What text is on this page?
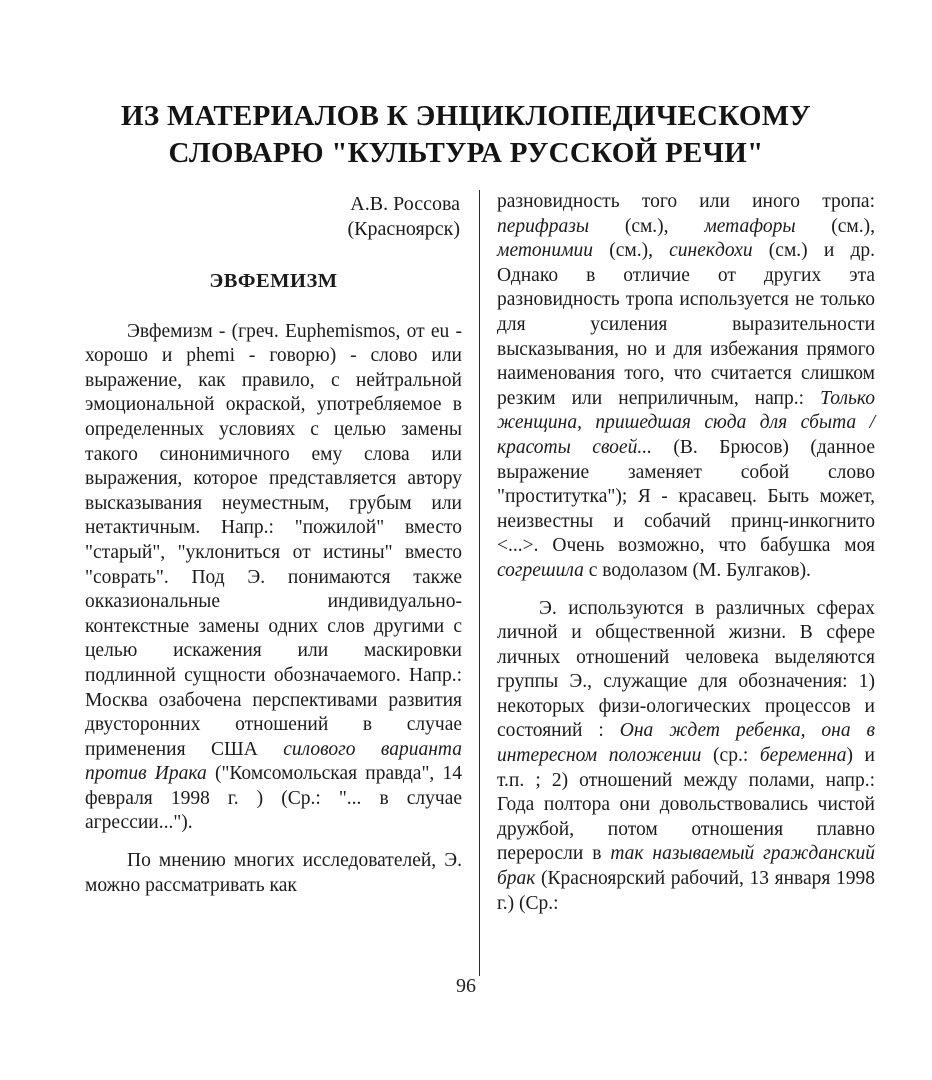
ИЗ МАТЕРИАЛОВ К ЭНЦИКЛОПЕДИЧЕСКОМУ
СЛОВАРЮ "КУЛЬТУРА РУССКОЙ РЕЧИ"
А.В. Россова
(Красноярск)
ЭВФЕМИЗМ

Эвфемизм - (греч. Euphemismos, от eu - хорошо и phemi - говорю) - слово или выражение, как правило, с нейтральной эмоциональной окраской, употребляемое в определенных условиях с целью замены такого синонимичного ему слова или выражения, которое представляется автору высказывания неуместным, грубым или нетактичным. Напр.: "пожилой" вместо "старый", "уклониться от истины" вместо "соврать". Под Э. понимаются также окказиональные индивидуально-контекстные замены одних слов другими с целью искажения или маскировки подлинной сущности обозначаемого. Напр.: Москва озабочена перспективами развития двусторонних отношений в случае применения США силового варианта против Ирака ("Комсомольская правда", 14 февраля 1998 г. ) (Ср.: "... в случае агрессии...").

По мнению многих исследователей, Э. можно рассматривать как

разновидность того или иного тропа: перифразы (см.), метафоры (см.), метонимии (см.), синекдохи (см.) и др. Однако в отличие от других эта разновидность тропа используется не только для усиления выразительности высказывания, но и для избежания прямого наименования того, что считается слишком резким или неприличным, напр.: Только женщина, пришедшая сюда для сбыта / красоты своей... (В. Брюсов) (данное выражение заменяет собой слово "проститутка"); Я - красавец. Быть может, неизвестны и собачий принц-инкогнито <...>. Очень возможно, что бабушка моя согрешила с водолазом (М. Булгаков).

Э. используются в различных сферах личной и общественной жизни. В сфере личных отношений человека выделяются группы Э., служащие для обозначения: 1) некоторых физи-ологических процессов и состояний : Она ждет ребенка, она в интересном положении (ср.: беременна) и т.п. ; 2) отношений между полами, напр.: Года полтора они довольствовались чистой дружбой, потом отношения плавно переросли в так называемый гражданский брак (Красноярский рабочий, 13 января 1998 г.) (Ср.:

96
